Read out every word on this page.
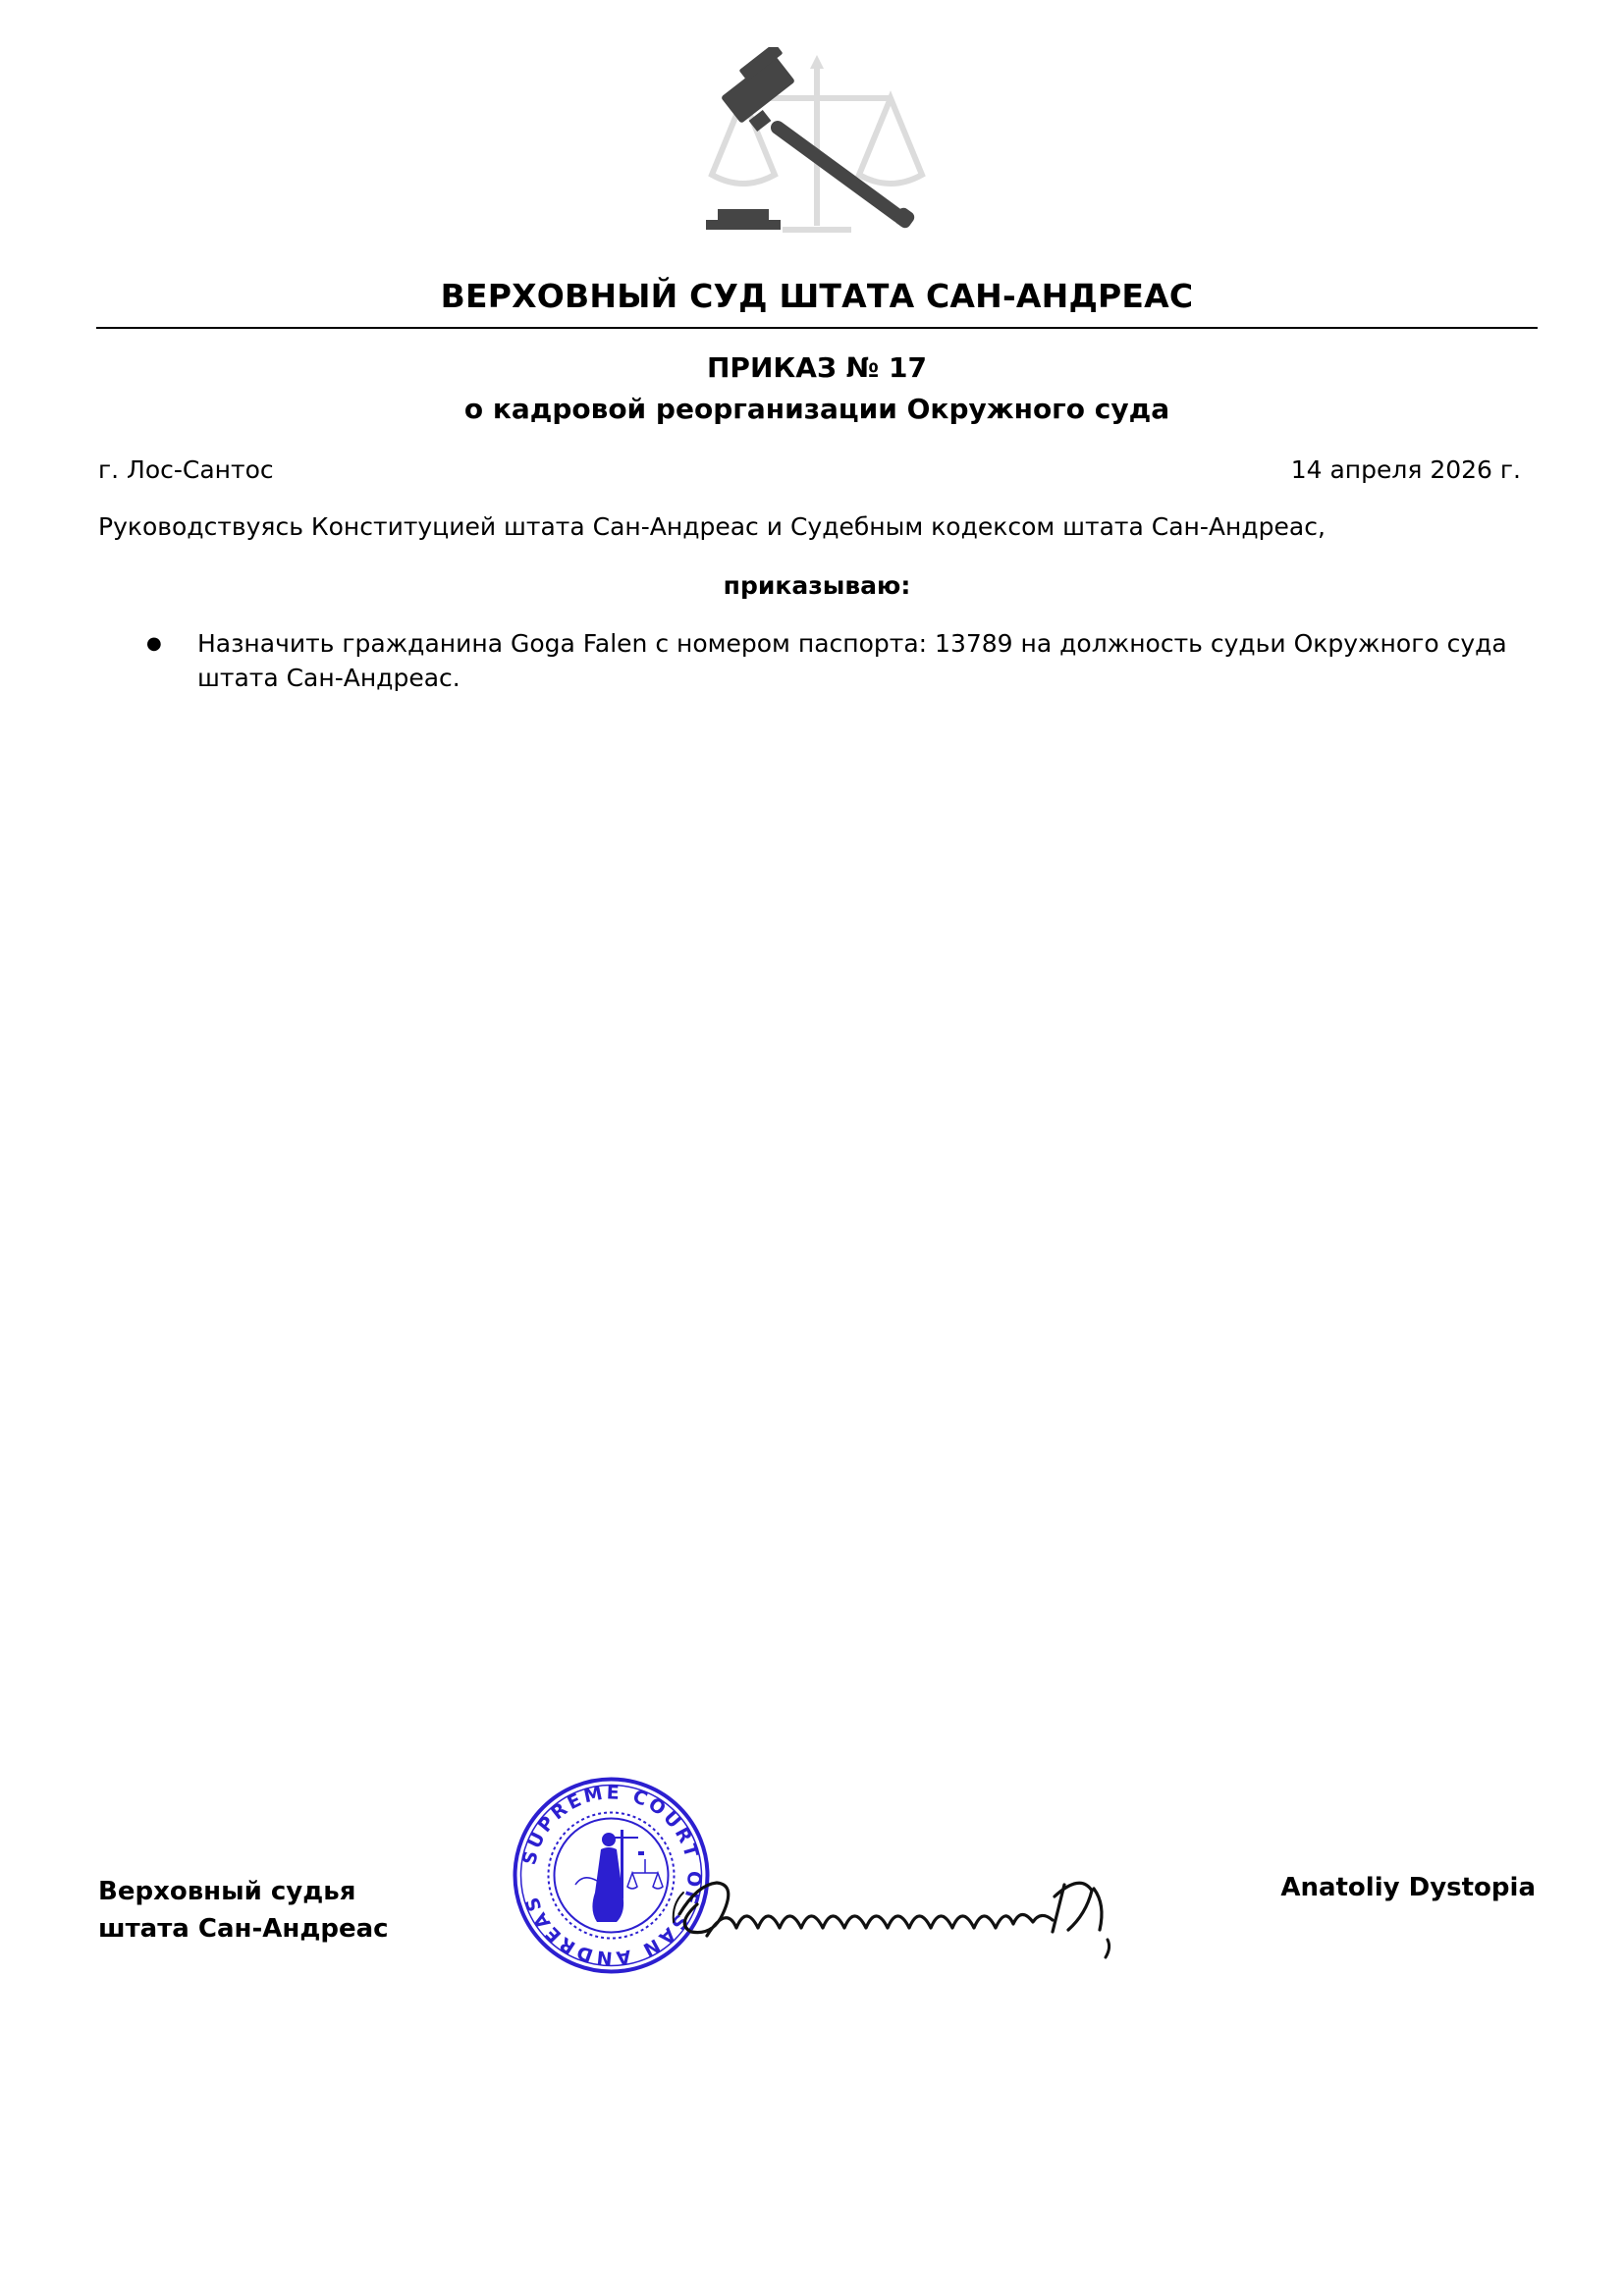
ВЕРХОВНЫЙ СУД ШТАТА САН-АНДРЕАС
ПРИКАЗ № 17
о кадровой реорганизации Окружного суда
г. Лос-Сантос	14 апреля 2026 г.
Руководствуясь Конституцией штата Сан-Андреас и Судебным кодексом штата Сан-Андреас,
приказываю:
● Назначить гражданина Goga Falen с номером паспорта: 13789 на должность судьи Окружного суда штата Сан-Андреас.
Верховный судья
штата Сан-Андреас
Anatoliy Dystopia
SUPREME COURT OF SAN ANDREAS
